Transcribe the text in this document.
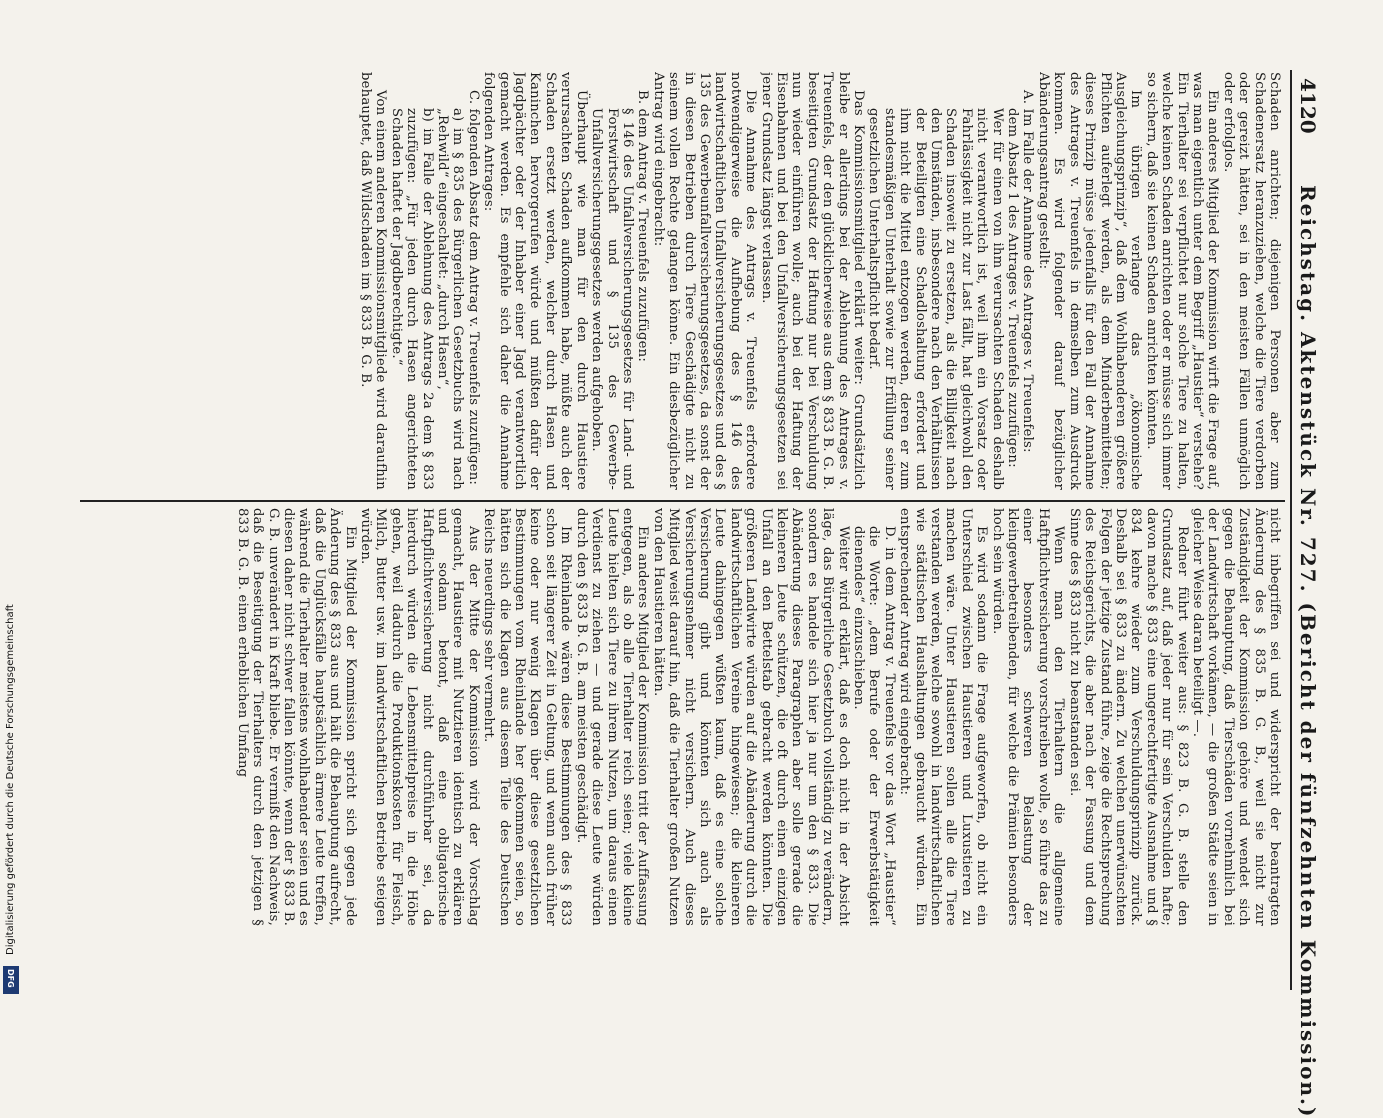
4120
Reichstag. Aktenstück Nr. 727. (Bericht der fünfzehnten Kommission.)

Schaden anrichten; diejenigen Personen aber zum Schadenersatz heranzuziehen, welche die Tiere verdorben oder gereizt hätten, sei in den meisten Fällen unmöglich oder erfolglos.

Ein anderes Mitglied der Kommission wirft die Frage auf, was man eigentlich unter dem Begriff „Haustier“ verstehe? Ein Tierhalter sei verpflichtet nur solche Tiere zu halten, welche keinen Schaden anrichten oder er müsse sich immer so sichern, daß sie keinen Schaden anrichten könnten.

Im übrigen verlange das „ökonomische Ausgleichungsprinzip“, daß dem Wohlhabenderen größere Pflichten auferlegt werden, als dem Minderbemittelten; dieses Prinzip müsse jedenfalls für den Fall der Annahme des Antrages v. Treuenfels in demselben zum Ausdruck kommen. Es wird folgender darauf bezüglicher Abänderungsantrag gestellt:

A. Im Falle der Annahme des Antrages v. Treuenfels:

dem Absatz 1 des Antrages v. Treuenfels zuzufügen:

Wer für einen von ihm verursachten Schaden deshalb nicht verantwortlich ist, weil ihm ein Vorsatz oder Fahrlässigkeit nicht zur Last fällt, hat gleichwohl den Schaden insoweit zu ersetzen, als die Billigkeit nach den Umständen, insbesondere nach den Verhältnissen der Beteiligten eine Schadloshaltung erfordert und ihm nicht die Mittel entzogen werden, deren er zum standesmäßigen Unterhalt sowie zur Erfüllung seiner gesetzlichen Unterhaltspflicht bedarf.

Das Kommissionsmitglied erklärt weiter: Grundsätzlich bleibe er allerdings bei der Ablehnung des Antrages v. Treuenfels, der den glücklicherweise aus dem § 833 B. G. B. beseitigten Grundsatz der Haftung nur bei Verschuldung nun wieder einführen wolle; auch bei der Haftung der Eisenbahnen und bei den Unfallversicherungsgesetzen sei jener Grundsatz längst verlassen.

Die Annahme des Antrags v. Treuenfels erfordere notwendigerweise die Aufhebung des § 146 des landwirtschaftlichen Unfallversicherungsgesetzes und des § 135 des Gewerbeunfallversicherungsgesetzes, da sonst der in diesen Betrieben durch Tiere Geschädigte nicht zu seinem vollen Rechte gelangen könne. Ein diesbezüglicher Antrag wird eingebracht:

B. dem Antrag v. Treuenfels zuzufügen:

§ 146 des Unfallversicherungsgesetzes für Land- und Forstwirtschaft und § 135 des Gewerbe-Unfallversicherungsgesetzes werden aufgehoben.

Überhaupt wie man für den durch Haustiere verursachten Schaden aufkommen habe, müßte auch der Schaden ersetzt werden, welcher durch Hasen und Kaninchen hervorgerufen würde und müßten dafür der Jagdpächter oder der Inhaber einer Jagd verantwortlich gemacht werden. Es empfehle sich daher die Annahme folgenden Antrages:

C. folgenden Absatz dem Antrag v. Treuenfels zuzufügen:

a) im § 835 des Bürgerlichen Gesetzbuchs wird nach „Rehwild“ eingeschaltet: „durch Hasen“,

b) im Falle der Ablehnung des Antrags 2a dem § 833 zuzufügen: „Für jeden durch Hasen angerichteten Schaden haftet der Jagdberechtigte.“

Von einem anderen Kommissionsmitgliede wird daraufhin behauptet, daß Wildschaden im § 833 B. G. B.

nicht inbegriffen sei und widerspricht der beantragten Änderung des § 835 B. G. B., weil sie nicht zur Zuständigkeit der Kommission gehöre und wendet sich gegen die Behauptung, daß Tierschäden vornehmlich bei der Landwirtschaft vorkämen, — die großen Städte seien in gleicher Weise daran beteiligt —.

Redner führt weiter aus: § 823 B. G. B. stelle den Grundsatz auf, daß jeder nur für sein Verschulden hafte; davon mache § 833 eine ungerechtfertigte Ausnahme und § 834 kehre wieder zum Verschuldungsprinzip zurück. Deshalb sei § 833 zu ändern. Zu welchen unerwünschten Folgen der jetzige Zustand führe, zeige die Rechtsprechung des Reichsgerichts, die aber nach der Fassung und dem Sinne des § 833 nicht zu beanstanden sei.

Wenn man den Tierhaltern die allgemeine Haftpflichtversicherung vorschreiben wolle, so führe das zu einer besonders schweren Belastung der kleingewerbetreibenden, für welche die Prämien besonders hoch sein würden.

Es wird sodann die Frage aufgeworfen, ob nicht ein Unterschied zwischen Haustieren und Luxustieren zu machen wäre. Unter Haustieren sollen alle die Tiere verstanden werden, welche sowohl in landwirtschaftlichen wie städtischen Haushaltungen gebraucht würden. Ein entsprechender Antrag wird eingebracht:

D. in dem Antrag v. Treuenfels vor das Wort „Haustier“ die Worte: „dem Berufe oder der Erwerbstätigkeit dienendes“ einzuschieben.

Weiter wird erklärt, daß es doch nicht in der Absicht läge, das Bürgerliche Gesetzbuch vollständig zu verändern, sondern es handele sich hier ja nur um den § 833. Die Abänderung dieses Paragraphen aber solle gerade die kleineren Leute schützen, die oft durch einen einzigen Unfall an den Bettelstab gebracht werden könnten. Die größeren Landwirte würden auf die Abänderung durch die landwirtschaftlichen Vereine hingewiesen; die kleineren Leute dahingegen wüßten kaum, daß es eine solche Versicherung gibt und könnten sich auch als Versicherungsnehmer nicht versichern. Auch dieses Mitglied weist darauf hin, daß die Tierhalter großen Nutzen von den Haustieren hätten.

Ein anderes Mitglied der Kommission tritt der Auffassung entgegen, als ob alle Tierhalter reich seien; viele kleine Leute hielten sich Tiere zu ihrem Nutzen, um daraus einen Verdienst zu ziehen — und gerade diese Leute würden durch den § 833 B. G. B. am meisten geschädigt.

Im Rheinlande wären diese Bestimmungen des § 833 schon seit längerer Zeit in Geltung, und wenn auch früher keine oder nur wenig Klagen über diese gesetzlichen Bestimmungen vom Rheinlande her gekommen seien, so hätten sich die Klagen aus diesem Teile des Deutschen Reichs neuerdings sehr vermehrt.

Aus der Mitte der Kommission wird der Vorschlag gemacht, Haustiere mit Nutztieren identisch zu erklären und sodann betont, daß eine obligatorische Haftpflichtversicherung nicht durchführbar sei, da hierdurch würden die Lebensmittelpreise in die Höhe gehen, weil dadurch die Produktionskosten für Fleisch, Milch, Butter usw. im landwirtschaftlichen Betriebe steigen würden.

Ein Mitglied der Kommission spricht sich gegen jede Änderung des § 833 aus und hält die Behauptung aufrecht, daß die Unglücksfälle hauptsächlich ärmere Leute treffen, während die Tierhalter meistens wohlhabender seien und es diesen daher nicht schwer fallen könnte, wenn der § 833 B. G. B. unverändert in Kraft bliebe. Er vermißt den Nachweis, daß die Beseitigung der Tierhalters durch den jetzigen § 833 B. G. B. einen erheblichen Umfang

Digitalisierung gefördert durch die Deutsche Forschungsgemeinschaft
DFG
